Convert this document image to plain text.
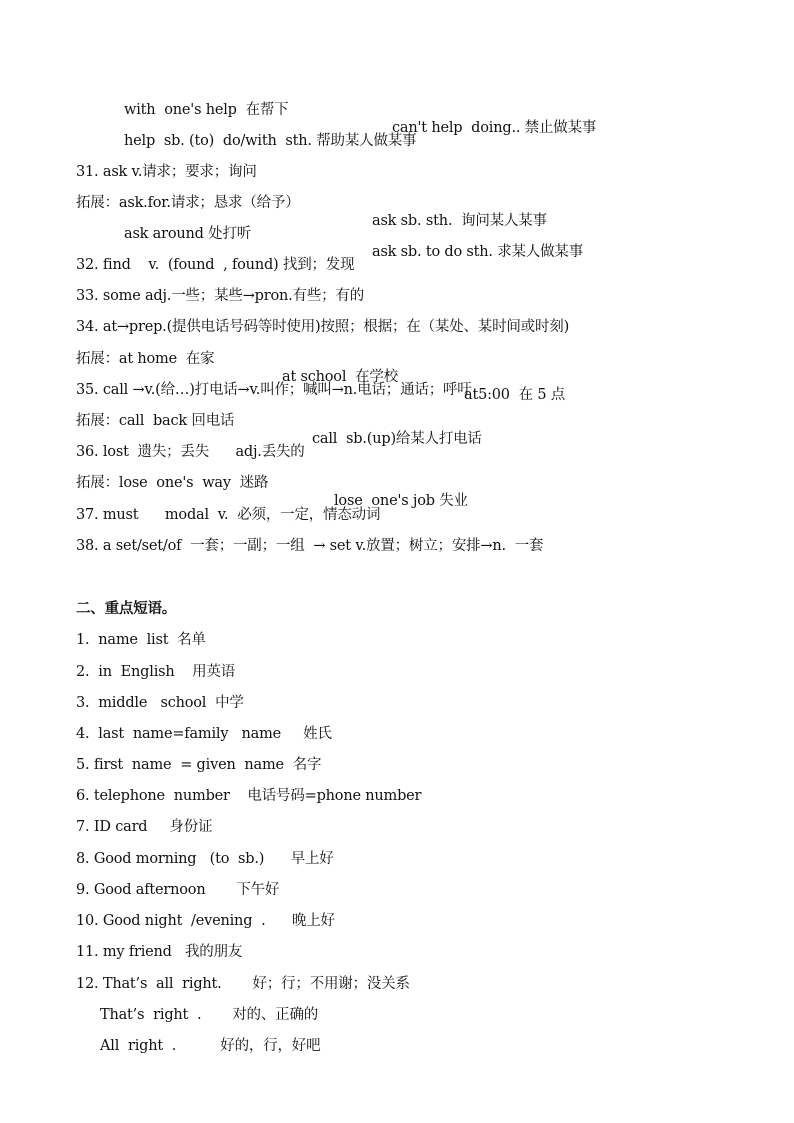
with  one's help  在帮下

can't help  doing.. 禁止做某事

help  sb. (to)  do/with  sth. 帮助某人做某事

31. ask v.请求；要求；询问

拓展：ask.for.请求；恳求（给予）

ask sb. sth.  询问某人某事

ask around 处打听

ask sb. to do sth. 求某人做某事

32. find    v.  (found  , found) 找到；发现

33. some adj.一些；某些→pron.有些；有的

34. at→prep.(提供电话号码等时使用)按照；根据；在（某处、某时间或时刻)

拓展：at home  在家

at school  在学校

at5:00  在 5 点

35. call →v.(给…)打电话→v.叫作；喊叫→n.电话；通话；呼吁

拓展：call  back 回电话

call  sb.(up)给某人打电话

36. lost  遗失；丢失      adj.丢失的

拓展：lose  one's  way  迷路

lose  one's job 失业

37. must      modal  v.  必须，一定，情态动词

38. a set/set/of  一套；一副；一组  → set v.放置；树立；安排→n.  一套

二、重点短语。

1.  name  list  名单

2.  in  English    用英语

3.  middle   school  中学

4.  last  name=family   name     姓氏

5. first  name  = given  name  名字

6. telephone  number    电话号码=phone number

7. ID card     身份证

8. Good morning   (to  sb.)      早上好

9. Good afternoon       下午好

10. Good night  /evening  .      晚上好

11. my friend   我的朋友

12. That’s  all  right.       好；行；不用谢；没关系

That’s  right  .       对的、正确的

All  right  .          好的，行，好吧
